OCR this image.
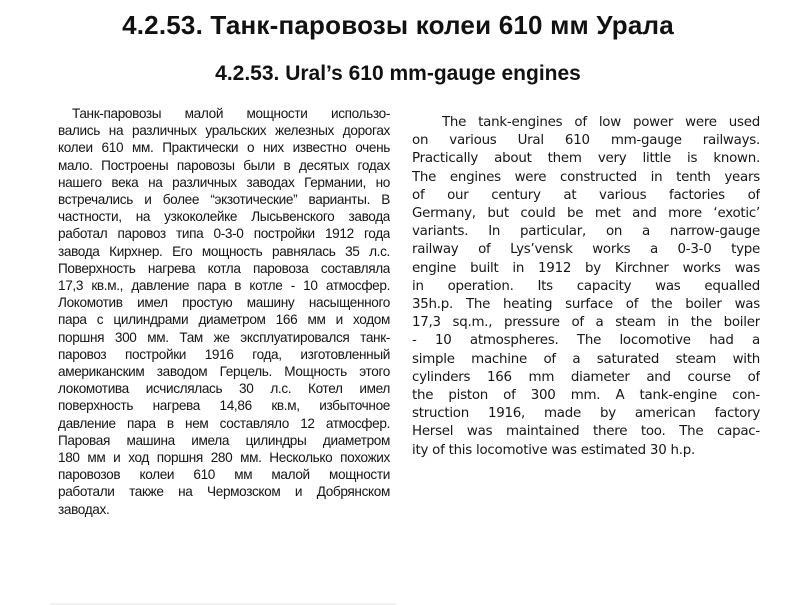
4.2.53. Танк-паровозы колеи 610 мм Урала
4.2.53. Ural’s 610 mm-gauge engines
Танк-паровозы малой мощности использо-
вались на различных уральских железных дорогах
колеи 610 мм. Практически о них известно очень
мало. Построены паровозы были в десятых годах
нашего века на различных заводах Германии, но
встречались и более “экзотические” варианты. В
частности, на узкоколейке Лысьвенского завода
работал паровоз типа 0-3-0 постройки 1912 года
завода Кирхнер. Его мощность равнялась 35 л.с.
Поверхность нагрева котла паровоза составляла
17,3 кв.м., давление пара в котле - 10 атмосфер.
Локомотив имел простую машину насыщенного
пара с цилиндрами диаметром 166 мм и ходом
поршня 300 мм. Там же эксплуатировался танк-
паровоз постройки 1916 года, изготовленный
американским заводом Герцель. Мощность этого
локомотива исчислялась 30 л.с. Котел имел
поверхность нагрева 14,86 кв.м, избыточное
давление пара в нем составляло 12 атмосфер.
Паровая машина имела цилиндры диаметром
180 мм и ход поршня 280 мм. Несколько похожих
паровозов колеи 610 мм малой мощности
работали также на Чермозском и Добрянском
заводах.
The tank-engines of low power were used
on various Ural 610 mm-gauge railways.
Practically about them very little is known.
The engines were constructed in tenth years
of our century at various factories of
Germany, but could be met and more ‘exotic’
variants. In particular, on a narrow-gauge
railway of Lys’vensk works a 0-3-0 type
engine built in 1912 by Kirchner works was
in operation. Its capacity was equalled
35h.p. The heating surface of the boiler was
17,3 sq.m., pressure of a steam in the boiler
- 10 atmospheres. The locomotive had a
simple machine of a saturated steam with
cylinders 166 mm diameter and course of
the piston of 300 mm. A tank-engine con-
struction 1916, made by american factory
Hersel was maintained there too. The capac-
ity of this locomotive was estimated 30 h.p.
